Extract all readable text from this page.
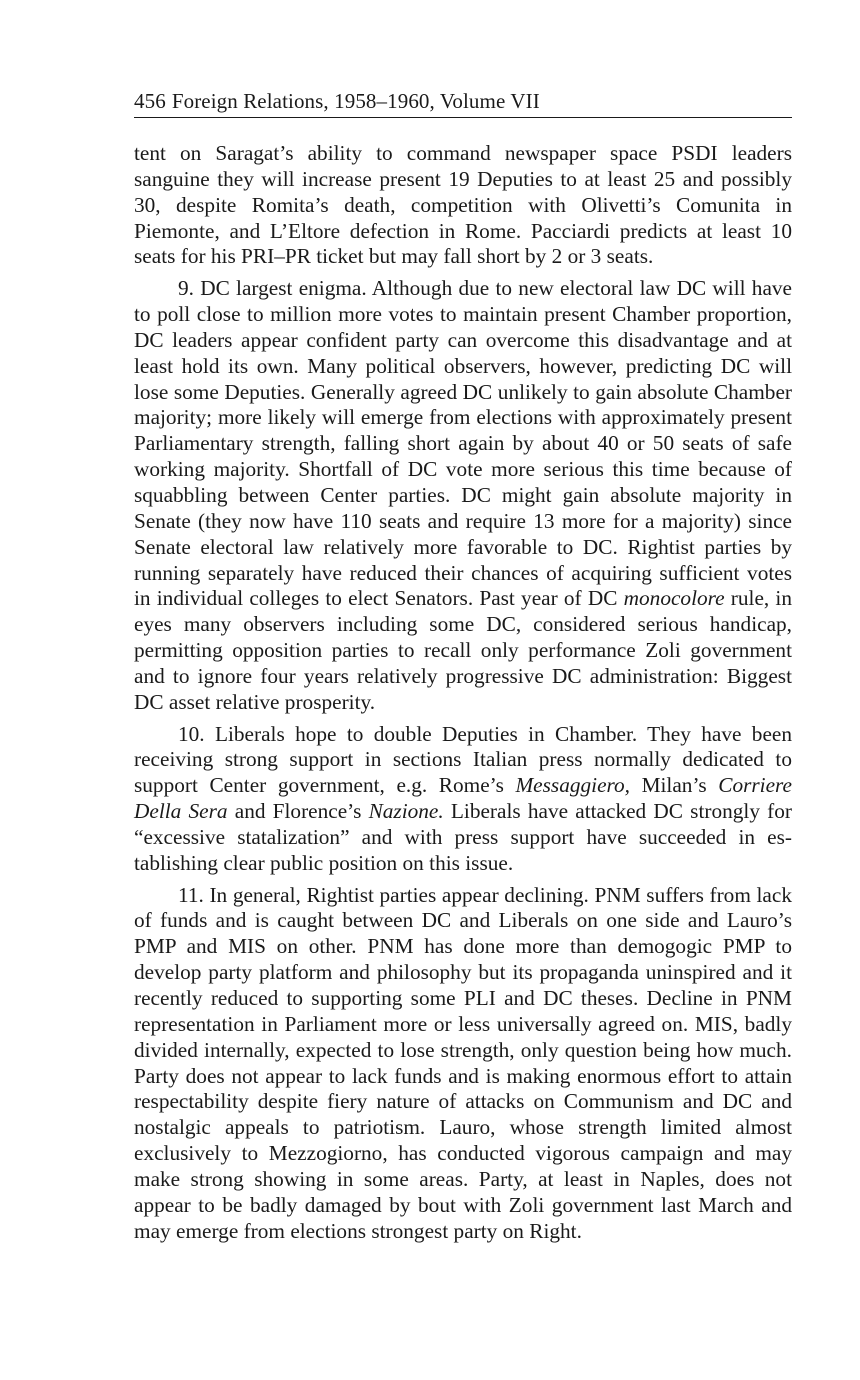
456 Foreign Relations, 1958–1960, Volume VII

tent on Saragat’s ability to command newspaper space PSDI leaders sanguine they will increase present 19 Deputies to at least 25 and possibly 30, despite Romita’s death, competition with Olivetti’s Comunita in Piemonte, and L’Eltore defection in Rome. Pacciardi predicts at least 10 seats for his PRI–PR ticket but may fall short by 2 or 3 seats.

9. DC largest enigma. Although due to new electoral law DC will have to poll close to million more votes to maintain present Chamber proportion, DC leaders appear confident party can overcome this disadvantage and at least hold its own. Many political observers, however, predicting DC will lose some Deputies. Generally agreed DC unlikely to gain absolute Chamber majority; more likely will emerge from elections with approximately present Parliamentary strength, falling short again by about 40 or 50 seats of safe working majority. Shortfall of DC vote more serious this time because of squabbling between Center parties. DC might gain absolute majority in Senate (they now have 110 seats and require 13 more for a majority) since Senate electoral law relatively more favorable to DC. Rightist parties by running separately have reduced their chances of acquiring sufficient votes in individual colleges to elect Senators. Past year of DC monocolore rule, in eyes many observers including some DC, considered serious handicap, permitting opposition parties to recall only performance Zoli government and to ignore four years relatively progressive DC administration: Biggest DC asset relative prosperity.

10. Liberals hope to double Deputies in Chamber. They have been receiving strong support in sections Italian press normally dedicated to support Center government, e.g. Rome’s Messaggiero, Milan’s Corriere Della Sera and Florence’s Nazione. Liberals have attacked DC strongly for “excessive statalization” and with press support have succeeded in establishing clear public position on this issue.

11. In general, Rightist parties appear declining. PNM suffers from lack of funds and is caught between DC and Liberals on one side and Lauro’s PMP and MIS on other. PNM has done more than demogogic PMP to develop party platform and philosophy but its propaganda uninspired and it recently reduced to supporting some PLI and DC theses. Decline in PNM representation in Parliament more or less universally agreed on. MIS, badly divided internally, expected to lose strength, only question being how much. Party does not appear to lack funds and is making enormous effort to attain respectability despite fiery nature of attacks on Communism and DC and nostalgic appeals to patriotism. Lauro, whose strength limited almost exclusively to Mezzogiorno, has conducted vigorous campaign and may make strong showing in some areas. Party, at least in Naples, does not appear to be badly damaged by bout with Zoli government last March and may emerge from elections strongest party on Right.
